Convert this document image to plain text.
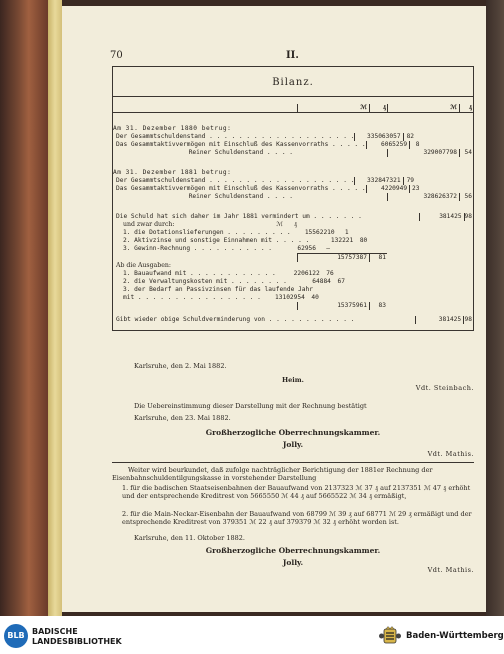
70	II.
Bilanz.
ℳ	₰	ℳ	₰
Am 31. Dezember 1880 betrug:
Der Gesammtschuldenstand . . . . . . . . . . . . . . . . . . . .	335063057 82
Das Gesammtaktivvermögen mit Einschluß des Kassenvorraths . . . . .	6065259	8
Reiner Schuldenstand . . . .	329007798	54
Am 31. Dezember 1881 betrug:
Der Gesammtschuldenstand . . . . . . . . . . . . . . . . . . . .	332847321 79
Das Gesammtaktivvermögen mit Einschluß des Kassenvorraths . . . . .	4220949 23
Reiner Schuldenstand . . . .	328626372	56
Die Schuld hat sich daher im Jahr 1881 vermindert um . . . . . . .	381425 98
und zwar durch:	ℳ	₰
1. die Dotationslieferungen . . . . . . . . .	15562210	1
2. Aktivzinse und sonstige Einnahmen mit . . . . .	132221	80
3. Gewinn-Rechnung . . . . . . . . . . .	62956	—
15757387	81
Ab die Ausgaben:
1. Bauaufwand mit . . . . . . . . . . . .	2206122	76
2. die Verwaltungskosten mit . . . . . . . .	64884	67
3. der Bedarf an Passivzinsen für das laufende Jahr
mit . . . . . . . . . . . . . . . . .	13102954	40
15375961	83
Gibt wieder obige Schuldverminderung von . . . . . . . . . . . .	381425 98
Karlsruhe, den 2. Mai 1882.
Heim.
Vdt. Steinbach.
Die Uebereinstimmung dieser Darstellung mit der Rechnung bestätigt
Karlsruhe, den 23. Mai 1882.
Großherzogliche Oberrechnungskammer.
Jolly.
Vdt. Mathis.
Weiter wird beurkundet, daß zufolge nachträglicher Berichtigung der 1881er Rechnung der Eisenbahnschuldentilgungskasse in vorstehender Darstellung
1. für die badischen Staatseisenbahnen der Bauaufwand von 2137323 ℳ 37 ₰ auf 2137351 ℳ 47 ₰ erhöht und der entsprechende Kreditrest von 5665550 ℳ 44 ₰ auf 5665522 ℳ 34 ₰ ermäßigt,
2. für die Main-Neckar-Eisenbahn der Bauaufwand von 68799 ℳ 39 ₰ auf 68771 ℳ 29 ₰ ermäßigt und der entsprechende Kreditrest von 379351 ℳ 22 ₰ auf 379379 ℳ 32 ₰ erhöht worden ist.
Karlsruhe, den 11. Oktober 1882.
Großherzogliche Oberrechnungskammer.
Jolly.
Vdt. Mathis.
BLB BADISCHE
LANDESBIBLIOTHEK
Baden-Württemberg
